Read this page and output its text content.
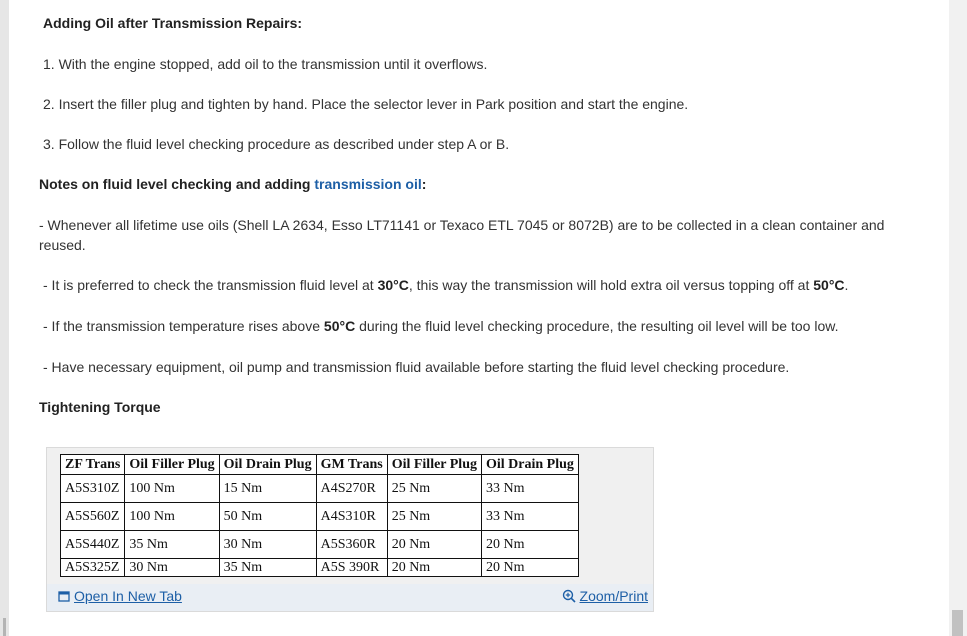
Adding Oil after Transmission Repairs:
1. With the engine stopped, add oil to the transmission until it overflows.
2. Insert the filler plug and tighten by hand. Place the selector lever in Park position and start the engine.
3. Follow the fluid level checking procedure as described under step A or B.
Notes on fluid level checking and adding transmission oil:
- Whenever all lifetime use oils (Shell LA 2634, Esso LT71141 or Texaco ETL 7045 or 8072B) are to be collected in a clean container and reused.
- It is preferred to check the transmission fluid level at 30°C, this way the transmission will hold extra oil versus topping off at 50°C.
- If the transmission temperature rises above 50°C during the fluid level checking procedure, the resulting oil level will be too low.
- Have necessary equipment, oil pump and transmission fluid available before starting the fluid level checking procedure.
Tightening Torque
ZF Trans	Oil Filler Plug	Oil Drain Plug	GM Trans	Oil Filler Plug	Oil Drain Plug
A5S310Z	100 Nm	15 Nm	A4S270R	25 Nm	33 Nm
A5S560Z	100 Nm	50 Nm	A4S310R	25 Nm	33 Nm
A5S440Z	35 Nm	30 Nm	A5S360R	20 Nm	20 Nm
A5S325Z	30 Nm	35 Nm	A5S 390R	20 Nm	20 Nm
Open In New Tab	Zoom/Print
